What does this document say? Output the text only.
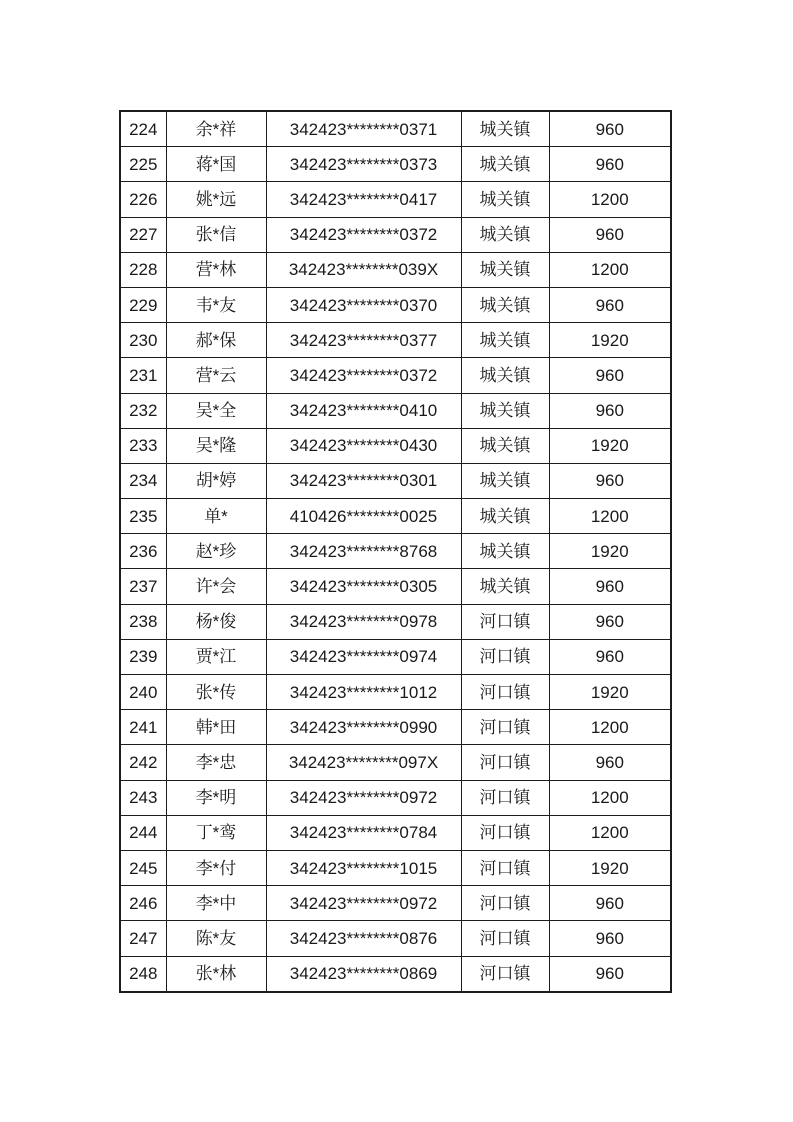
224	余*祥	342423********0371	城关镇	960
225	蒋*国	342423********0373	城关镇	960
226	姚*远	342423********0417	城关镇	1200
227	张*信	342423********0372	城关镇	960
228	营*林	342423********039X	城关镇	1200
229	韦*友	342423********0370	城关镇	960
230	郝*保	342423********0377	城关镇	1920
231	营*云	342423********0372	城关镇	960
232	吴*全	342423********0410	城关镇	960
233	吴*隆	342423********0430	城关镇	1920
234	胡*婷	342423********0301	城关镇	960
235	单*	410426********0025	城关镇	1200
236	赵*珍	342423********8768	城关镇	1920
237	许*会	342423********0305	城关镇	960
238	杨*俊	342423********0978	河口镇	960
239	贾*江	342423********0974	河口镇	960
240	张*传	342423********1012	河口镇	1920
241	韩*田	342423********0990	河口镇	1200
242	李*忠	342423********097X	河口镇	960
243	李*明	342423********0972	河口镇	1200
244	丁*鸾	342423********0784	河口镇	1200
245	李*付	342423********1015	河口镇	1920
246	李*中	342423********0972	河口镇	960
247	陈*友	342423********0876	河口镇	960
248	张*林	342423********0869	河口镇	960
